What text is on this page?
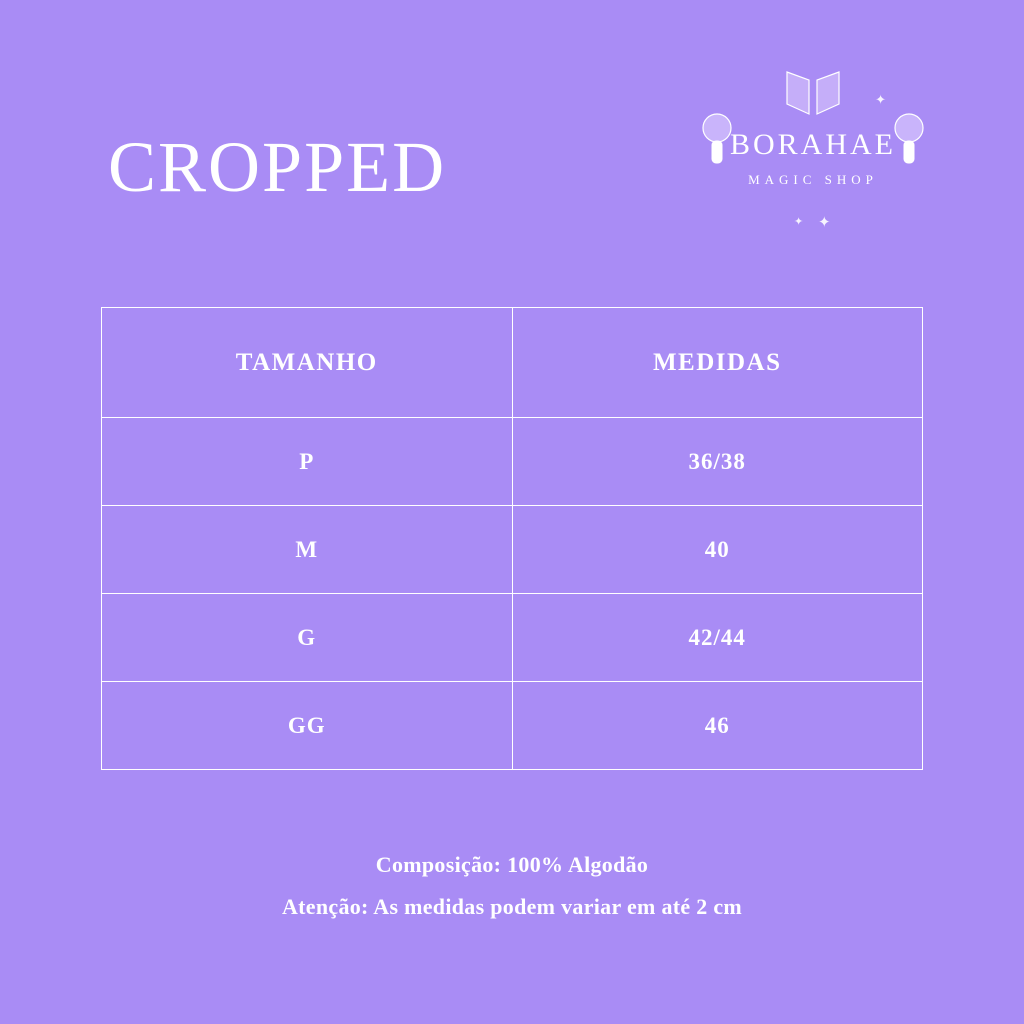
CROPPED
✦
BORAHAE
MAGIC SHOP
✦ ✦
TAMANHO	MEDIDAS
P	36/38
M	40
G	42/44
GG	46
Composição: 100% Algodão
Atenção: As medidas podem variar em até 2 cm
